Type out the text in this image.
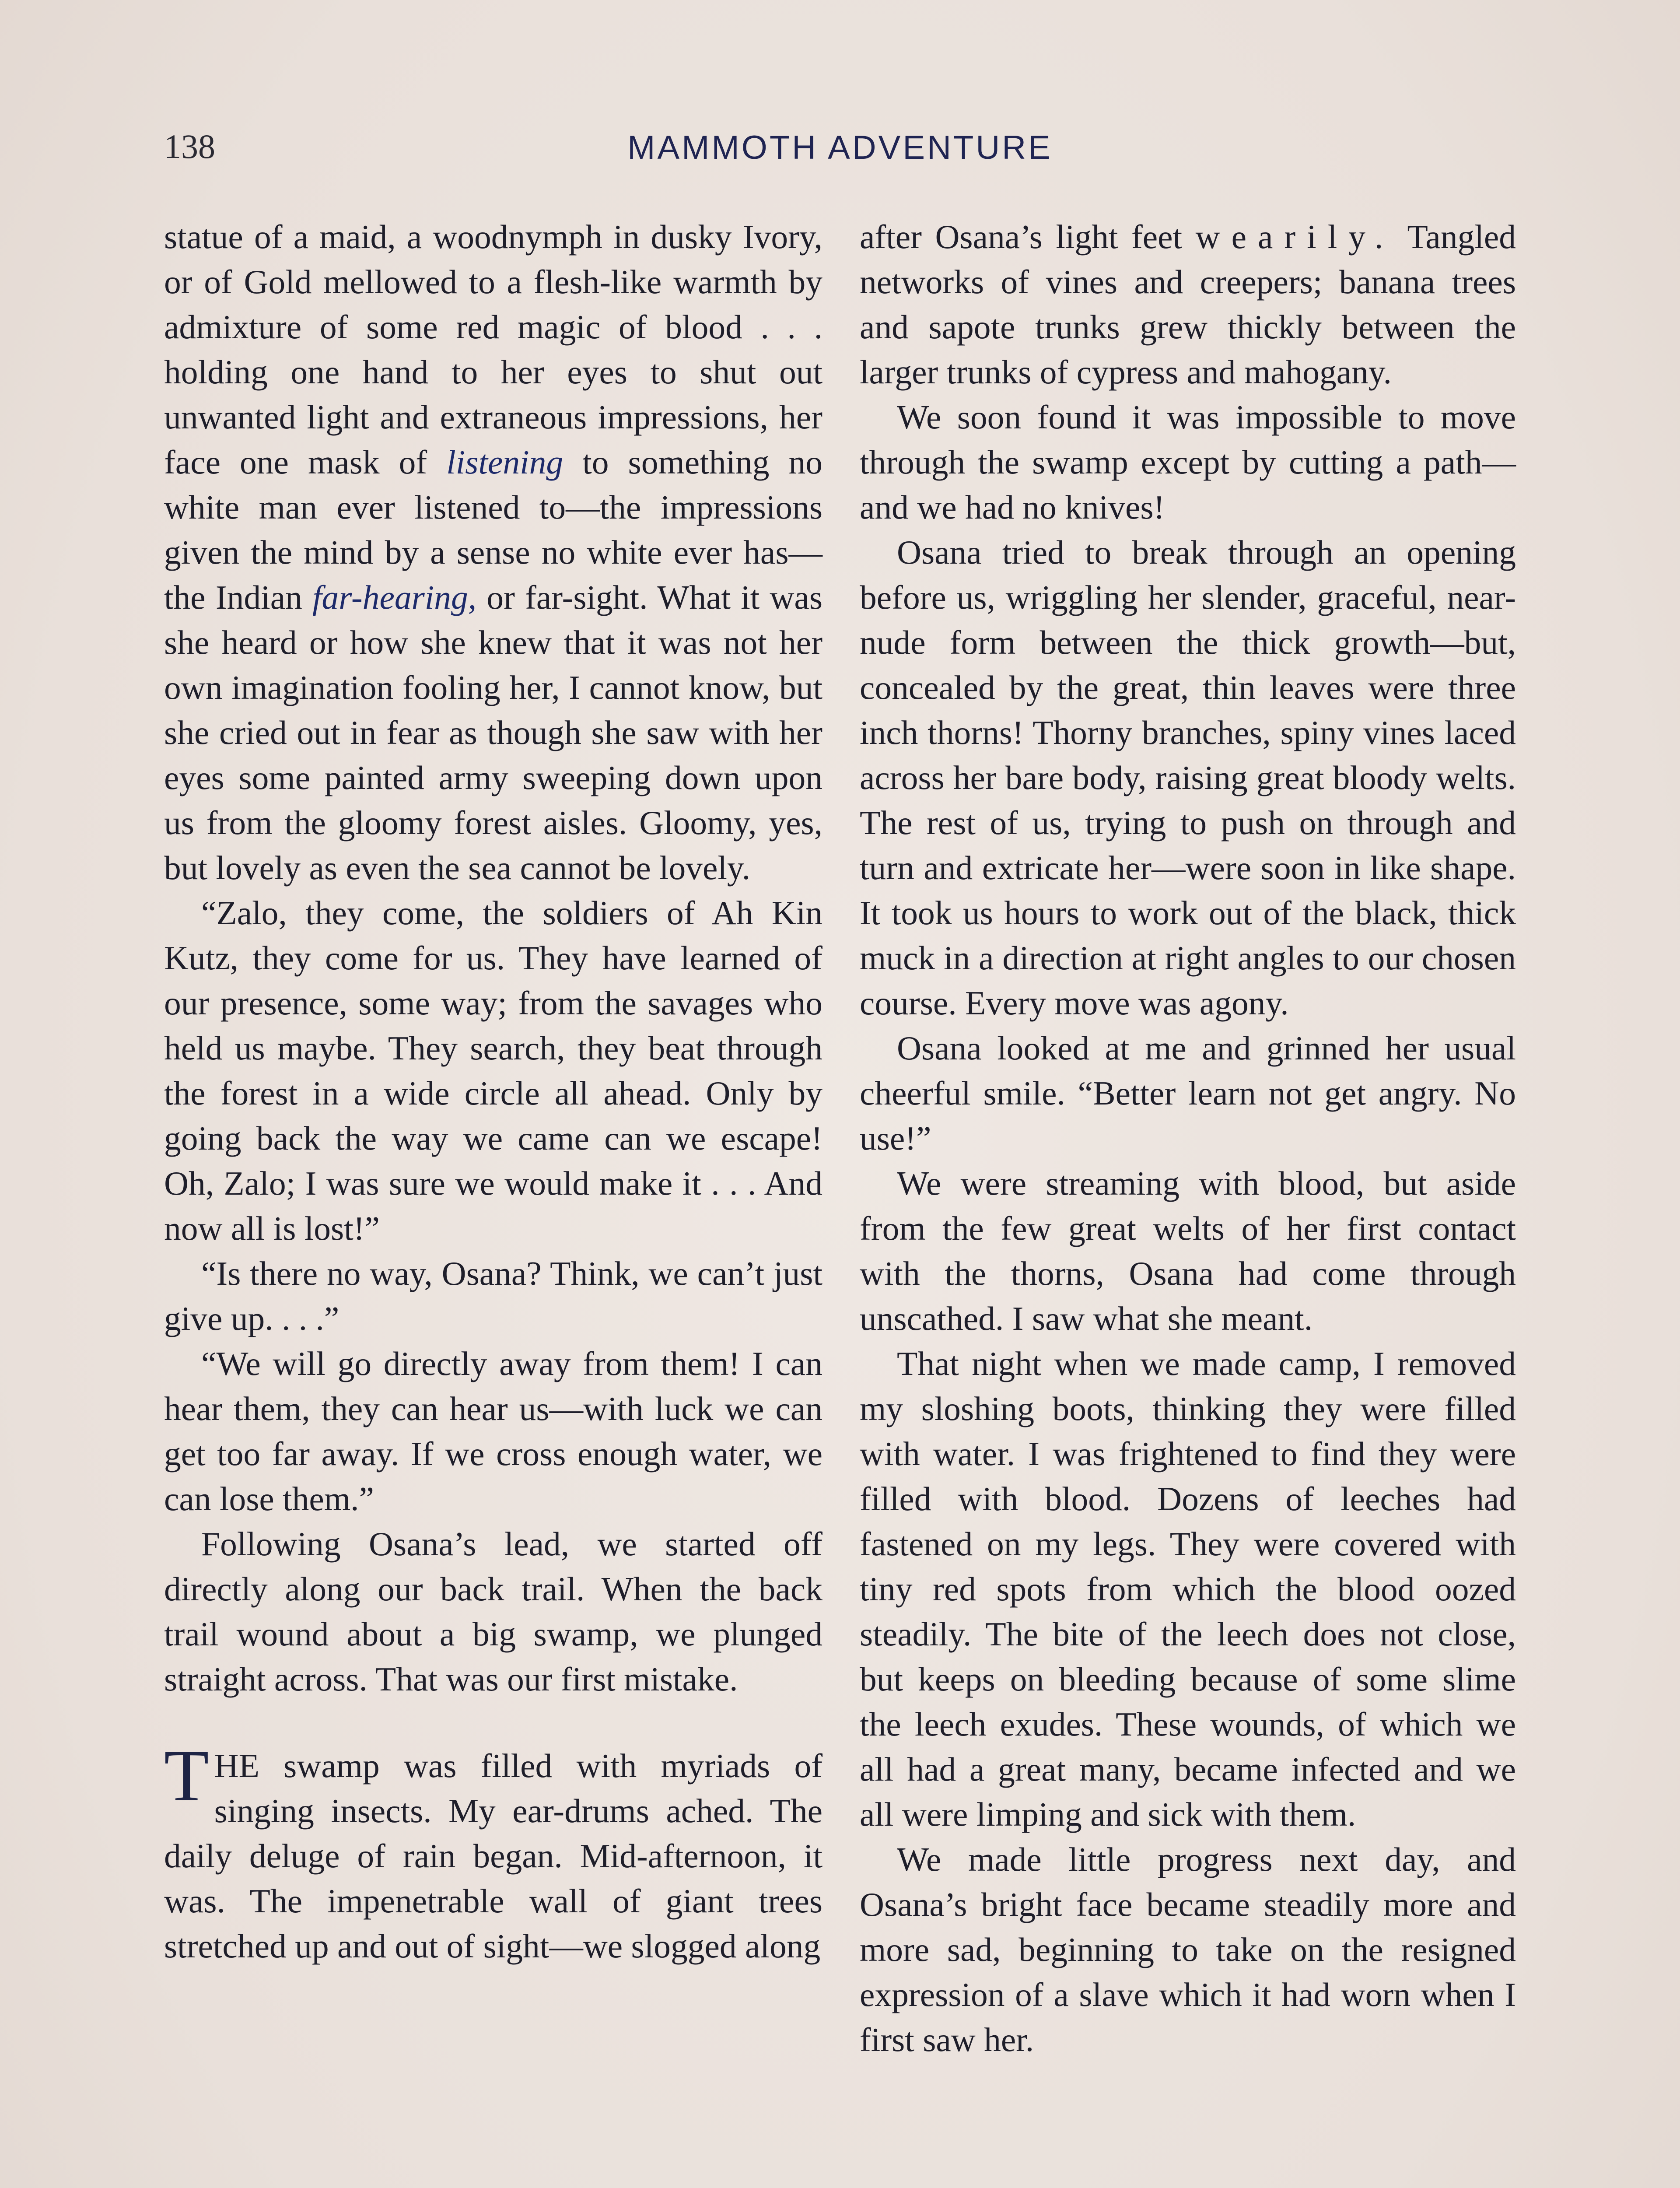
138	MAMMOTH ADVENTURE

statue of a maid, a woodnymph in dusky Ivory, or of Gold mellowed to a flesh-like warmth by admixture of some red magic of blood . . . holding one hand to her eyes to shut out unwanted light and extraneous impressions, her face one mask of listening to something no white man ever listened to—the impressions given the mind by a sense no white ever has—the Indian far-hearing, or far-sight. What it was she heard or how she knew that it was not her own imagination fooling her, I cannot know, but she cried out in fear as though she saw with her eyes some painted army sweeping down upon us from the gloomy forest aisles. Gloomy, yes, but lovely as even the sea cannot be lovely.

“Zalo, they come, the soldiers of Ah Kin Kutz, they come for us. They have learned of our presence, some way; from the savages who held us maybe. They search, they beat through the forest in a wide circle all ahead. Only by going back the way we came can we escape! Oh, Zalo; I was sure we would make it . . . And now all is lost!”

“Is there no way, Osana? Think, we can’t just give up. . . .”

“We will go directly away from them! I can hear them, they can hear us—with luck we can get too far away. If we cross enough water, we can lose them.”

Following Osana’s lead, we started off directly along our back trail. When the back trail wound about a big swamp, we plunged straight across. That was our first mistake.

THE swamp was filled with myriads of singing insects. My ear-drums ached. The daily deluge of rain began. Mid-afternoon, it was. The impenetrable wall of giant trees stretched up and out of sight—we slogged along

after Osana’s light feet wearily. Tangled networks of vines and creepers; banana trees and sapote trunks grew thickly between the larger trunks of cypress and mahogany.

We soon found it was impossible to move through the swamp except by cutting a path—and we had no knives!

Osana tried to break through an opening before us, wriggling her slender, graceful, near-nude form between the thick growth—but, concealed by the great, thin leaves were three inch thorns! Thorny branches, spiny vines laced across her bare body, raising great bloody welts. The rest of us, trying to push on through and turn and extricate her—were soon in like shape. It took us hours to work out of the black, thick muck in a direction at right angles to our chosen course. Every move was agony.

Osana looked at me and grinned her usual cheerful smile. “Better learn not get angry. No use!”

We were streaming with blood, but aside from the few great welts of her first contact with the thorns, Osana had come through unscathed. I saw what she meant.

That night when we made camp, I removed my sloshing boots, thinking they were filled with water. I was frightened to find they were filled with blood. Dozens of leeches had fastened on my legs. They were covered with tiny red spots from which the blood oozed steadily. The bite of the leech does not close, but keeps on bleeding because of some slime the leech exudes. These wounds, of which we all had a great many, became infected and we all were limping and sick with them.

We made little progress next day, and Osana’s bright face became steadily more and more sad, beginning to take on the resigned expression of a slave which it had worn when I first saw her.
